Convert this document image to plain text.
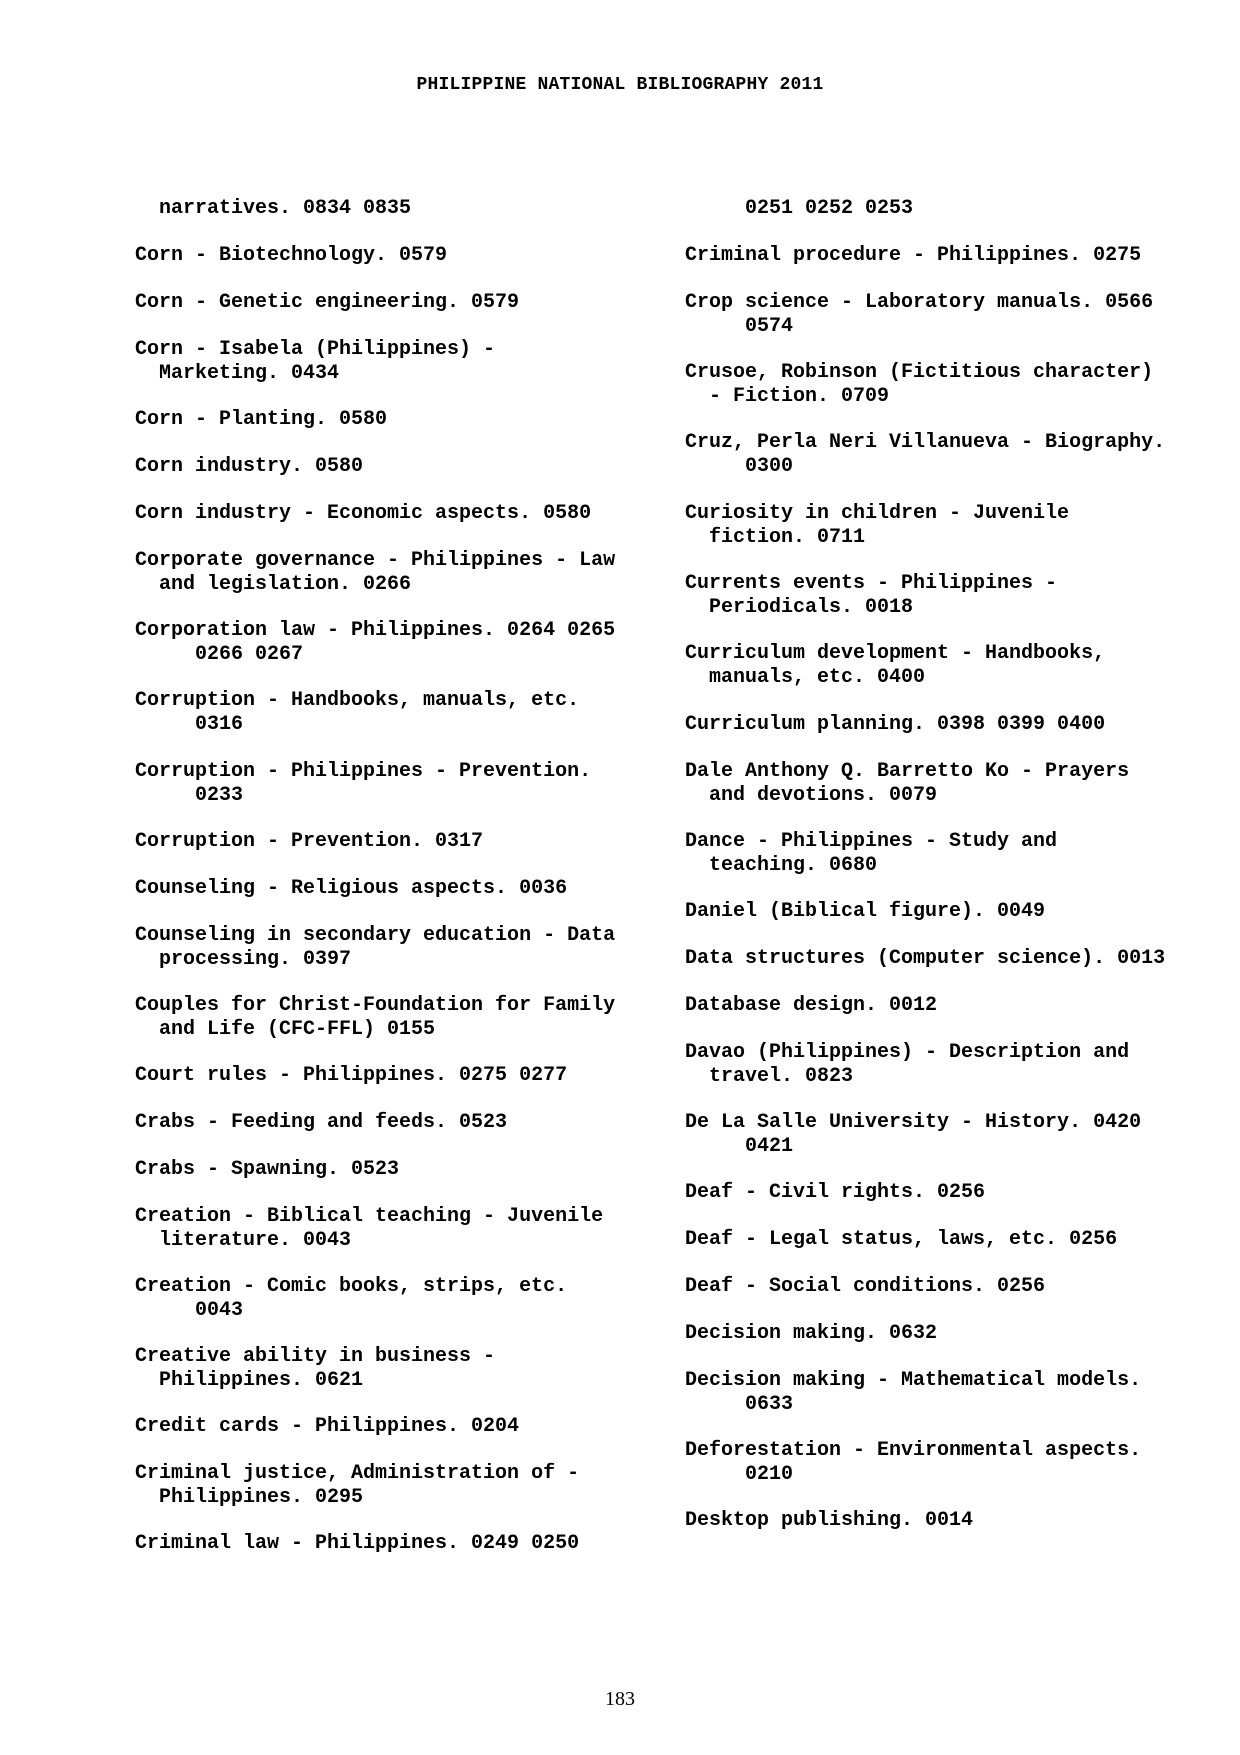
PHILIPPINE NATIONAL BIBLIOGRAPHY 2011
narratives. 0834 0835
Corn - Biotechnology. 0579
Corn - Genetic engineering. 0579
Corn - Isabela (Philippines) -
Marketing. 0434
Corn - Planting. 0580
Corn industry. 0580
Corn industry - Economic aspects. 0580
Corporate governance - Philippines - Law
and legislation. 0266
Corporation law - Philippines. 0264 0265
0266 0267
Corruption - Handbooks, manuals, etc.
0316
Corruption - Philippines - Prevention.
0233
Corruption - Prevention. 0317
Counseling - Religious aspects. 0036
Counseling in secondary education - Data
processing. 0397
Couples for Christ-Foundation for Family
and Life (CFC-FFL) 0155
Court rules - Philippines. 0275 0277
Crabs - Feeding and feeds. 0523
Crabs - Spawning. 0523
Creation - Biblical teaching - Juvenile
literature. 0043
Creation - Comic books, strips, etc.
0043
Creative ability in business -
Philippines. 0621
Credit cards - Philippines. 0204
Criminal justice, Administration of -
Philippines. 0295
Criminal law - Philippines. 0249 0250
0251 0252 0253
Criminal procedure - Philippines. 0275
Crop science - Laboratory manuals. 0566
0574
Crusoe, Robinson (Fictitious character)
- Fiction. 0709
Cruz, Perla Neri Villanueva - Biography.
0300
Curiosity in children - Juvenile
fiction. 0711
Currents events - Philippines -
Periodicals. 0018
Curriculum development - Handbooks,
manuals, etc. 0400
Curriculum planning. 0398 0399 0400
Dale Anthony Q. Barretto Ko - Prayers
and devotions. 0079
Dance - Philippines - Study and
teaching. 0680
Daniel (Biblical figure). 0049
Data structures (Computer science). 0013
Database design. 0012
Davao (Philippines) - Description and
travel. 0823
De La Salle University - History. 0420
0421
Deaf - Civil rights. 0256
Deaf - Legal status, laws, etc. 0256
Deaf - Social conditions. 0256
Decision making. 0632
Decision making - Mathematical models.
0633
Deforestation - Environmental aspects.
0210
Desktop publishing. 0014
183
